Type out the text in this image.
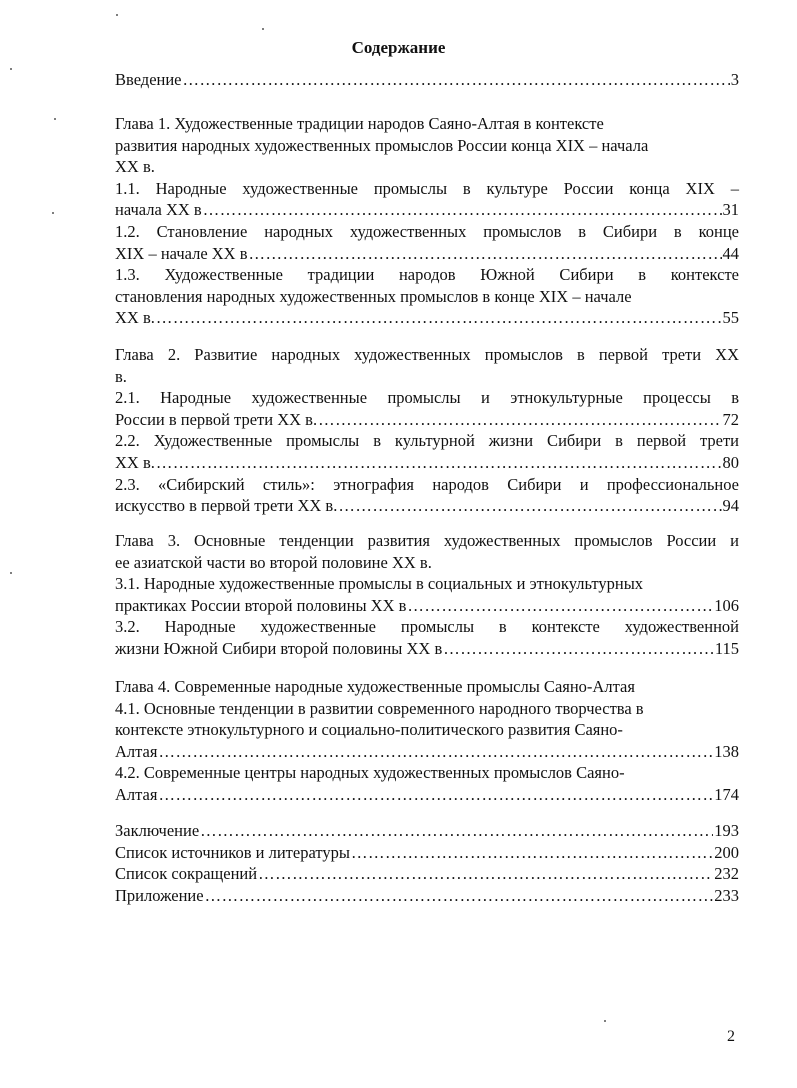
Содержание
Введение …………………………………………………………………………………………………………………………………………………………………………………………………	3
Глава 1. Художественные традиции народов Саяно-Алтая в контексте
развития народных художественных промыслов России конца XIX – начала
XX в.
1.1. Народные художественные промыслы в культуре России конца XIX –
начала XX в …………………………………………………………………………………………………………………………………………………………………………………………………	31
1.2. Становление народных художественных промыслов в Сибири в конце
XIX – начале XX в …………………………………………………………………………………………………………………………………………………………………………………………………	44
1.3. Художественные традиции народов Южной Сибири в контексте
становления народных художественных промыслов в конце XIX – начале
XX в. …………………………………………………………………………………………………………………………………………………………………………………………………	55
Глава 2. Развитие народных художественных промыслов в первой трети XX
в.
2.1. Народные художественные промыслы и этнокультурные процессы в
России в первой трети XX в. …………………………………………………………………………………………………………………………………………………………………………………………………	72
2.2. Художественные промыслы в культурной жизни Сибири в первой трети
XX в. …………………………………………………………………………………………………………………………………………………………………………………………………	80
2.3. «Сибирский стиль»: этнография народов Сибири и профессиональное
искусство в первой трети XX в. …………………………………………………………………………………………………………………………………………………………………………………………………	94
Глава 3. Основные тенденции развития художественных промыслов России и
ее азиатской части во второй половине XX в.
3.1. Народные художественные промыслы в социальных и этнокультурных
практиках России второй половины XX в …………………………………………………………………………………………………………………………………………………………………………………………………	106
3.2. Народные художественные промыслы в контексте художественной
жизни Южной Сибири второй половины XX в …………………………………………………………………………………………………………………………………………………………………………………………………	115
Глава 4. Современные народные художественные промыслы Саяно-Алтая
4.1. Основные тенденции в развитии современного народного творчества в
контексте этнокультурного и социально-политического развития Саяно-
Алтая …………………………………………………………………………………………………………………………………………………………………………………………………	138
4.2. Современные центры народных художественных промыслов Саяно-
Алтая …………………………………………………………………………………………………………………………………………………………………………………………………	174
Заключение …………………………………………………………………………………………………………………………………………………………………………………………………	193
Список источников и литературы …………………………………………………………………………………………………………………………………………………………………………………………………	200
Список сокращений …………………………………………………………………………………………………………………………………………………………………………………………………	232
Приложение …………………………………………………………………………………………………………………………………………………………………………………………………	233
2
